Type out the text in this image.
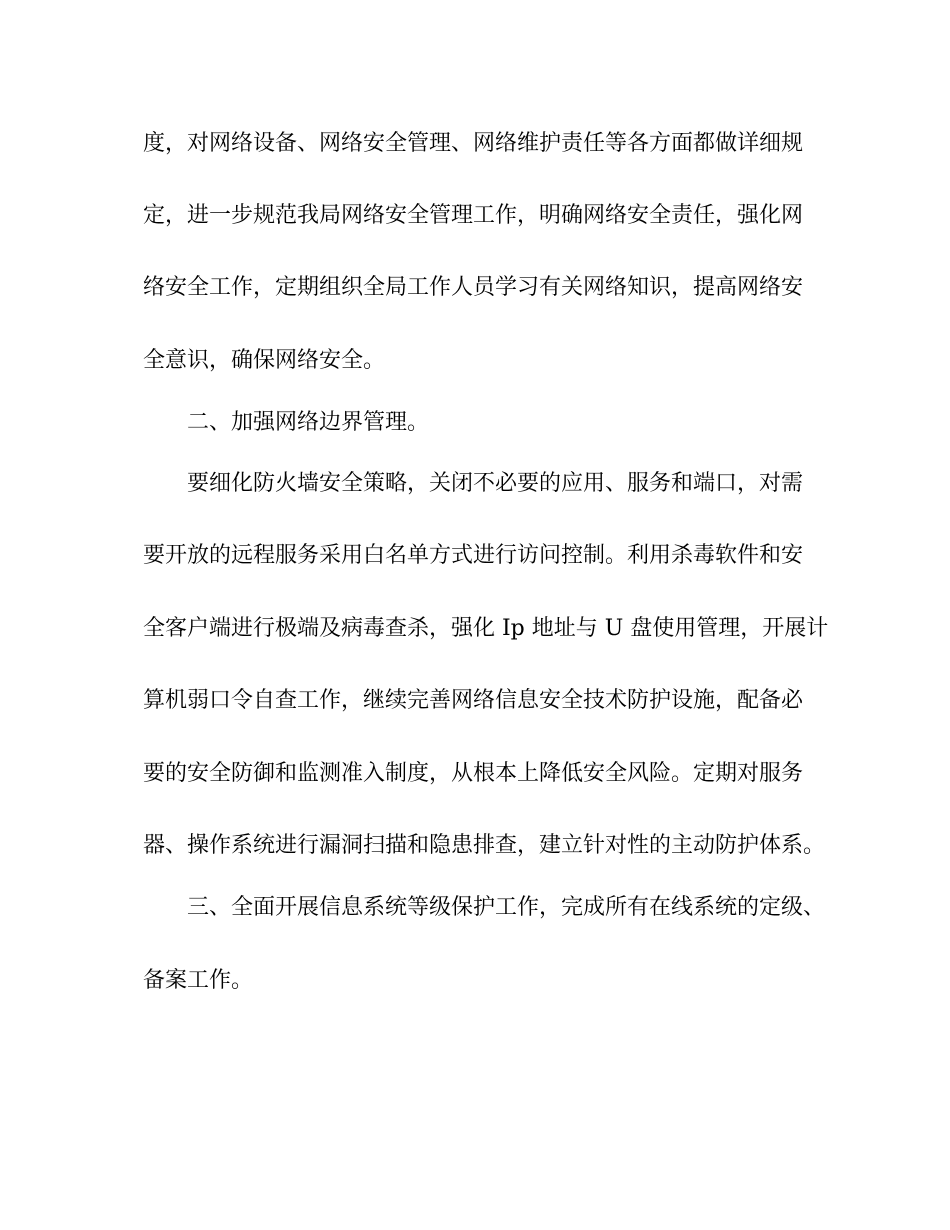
度，对网络设备、网络安全管理、网络维护责任等各方面都做详细规
定，进一步规范我局网络安全管理工作，明确网络安全责任，强化网
络安全工作，定期组织全局工作人员学习有关网络知识，提高网络安
全意识，确保网络安全。
二、加强网络边界管理。
要细化防火墙安全策略，关闭不必要的应用、服务和端口，对需
要开放的远程服务采用白名单方式进行访问控制。利用杀毒软件和安
全客户端进行极端及病毒查杀，强化 Ip 地址与 U 盘使用管理，开展计
算机弱口令自查工作，继续完善网络信息安全技术防护设施，配备必
要的安全防御和监测准入制度，从根本上降低安全风险。定期对服务
器、操作系统进行漏洞扫描和隐患排查，建立针对性的主动防护体系。
三、全面开展信息系统等级保护工作，完成所有在线系统的定级、
备案工作。
